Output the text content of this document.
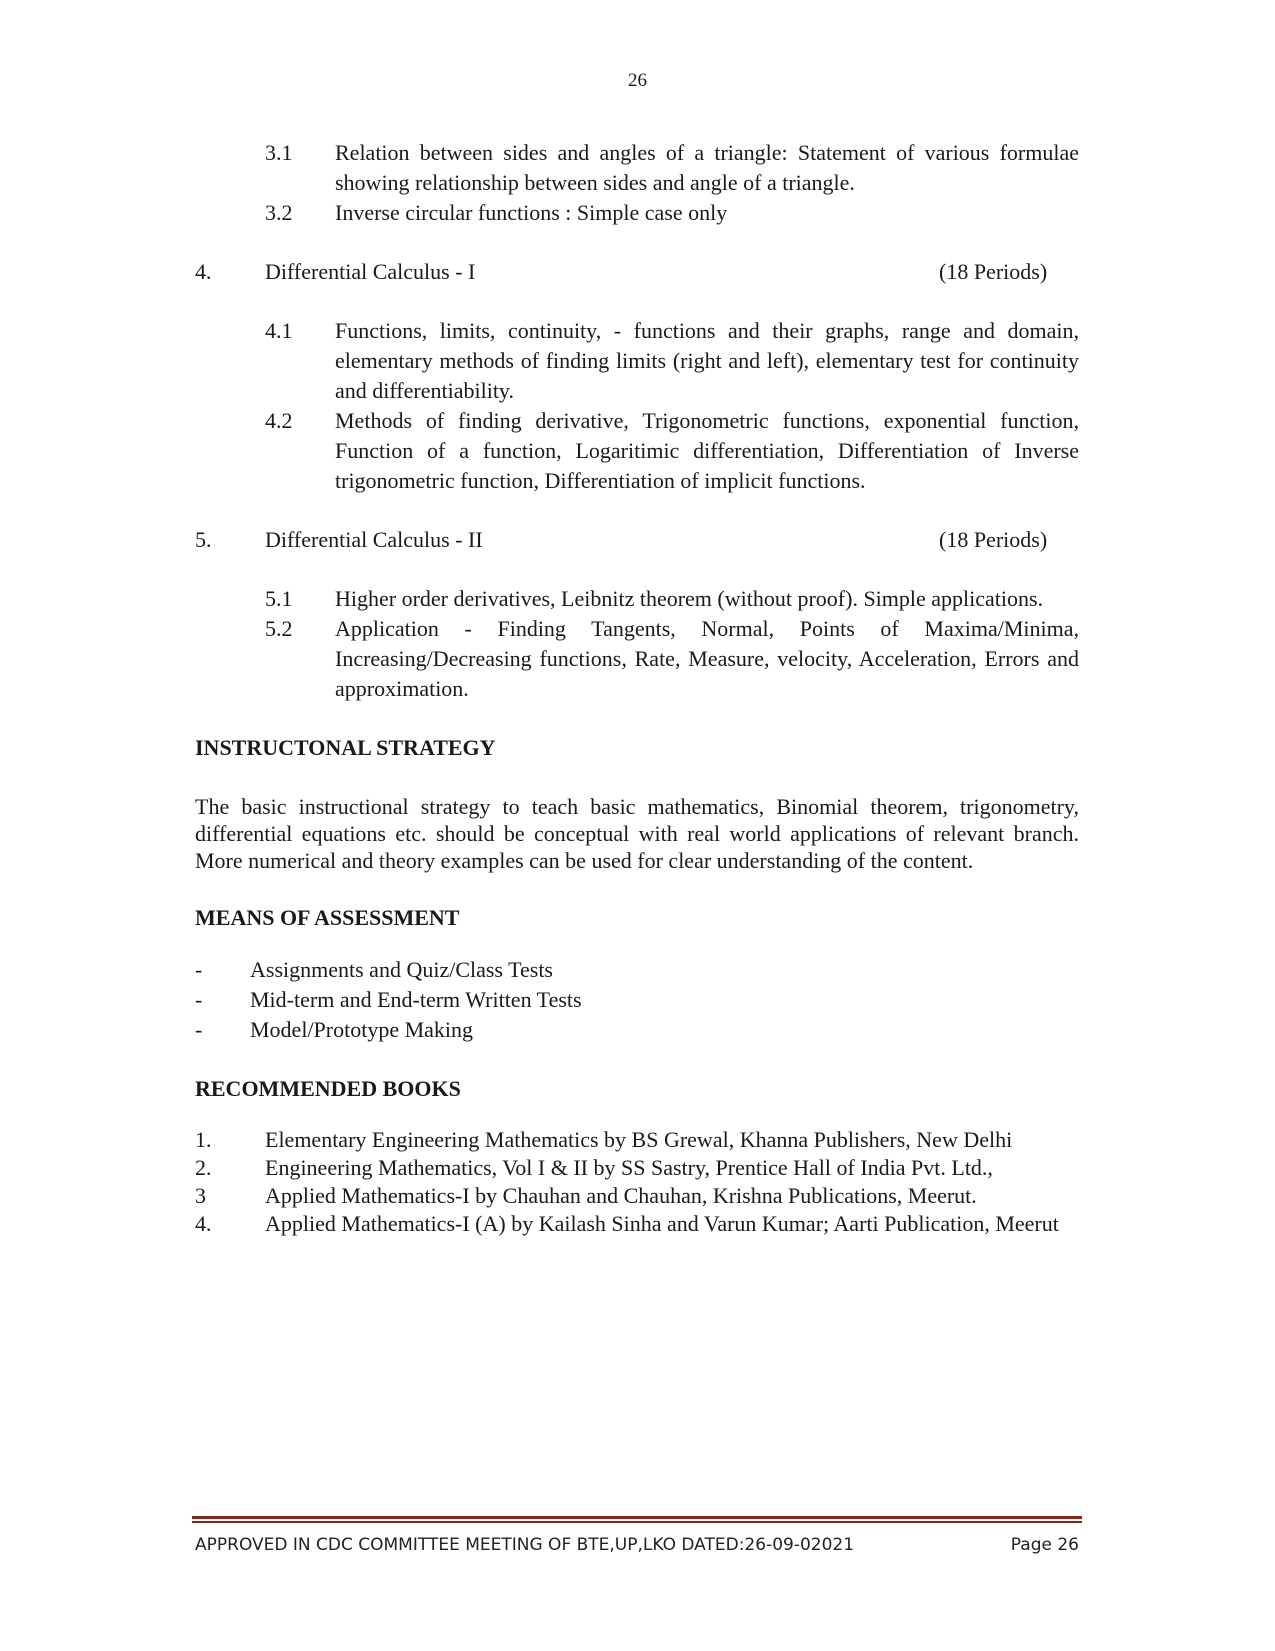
26
3.1	Relation between sides and angles of a triangle: Statement of various formulae showing relationship between sides and angle of a triangle.
3.2	Inverse circular functions : Simple case only
4.	Differential Calculus - I	(18 Periods)
4.1	Functions, limits, continuity, - functions and their graphs, range and domain, elementary methods of finding limits (right and left), elementary test for continuity and differentiability.
4.2	Methods of finding derivative, Trigonometric functions, exponential function, Function of a function, Logaritimic differentiation, Differentiation of Inverse trigonometric function, Differentiation of implicit functions.
5.	Differential Calculus - II	(18 Periods)
5.1	Higher order derivatives, Leibnitz theorem (without proof). Simple applications.
5.2	Application - Finding Tangents, Normal, Points of Maxima/Minima, Increasing/Decreasing functions, Rate, Measure, velocity, Acceleration, Errors and approximation.
INSTRUCTONAL STRATEGY
The basic instructional strategy to teach basic mathematics, Binomial theorem, trigonometry, differential equations etc. should be conceptual with real world applications of relevant branch. More numerical and theory examples can be used for clear understanding of the content.
MEANS OF ASSESSMENT
-	Assignments and Quiz/Class Tests
-	Mid-term and End-term Written Tests
-	Model/Prototype Making
RECOMMENDED BOOKS
1.	Elementary Engineering Mathematics by BS Grewal, Khanna Publishers, New Delhi
2.	Engineering Mathematics, Vol I & II by SS Sastry, Prentice Hall of India Pvt. Ltd.,
3	Applied Mathematics-I by Chauhan and Chauhan, Krishna Publications, Meerut.
4.	Applied Mathematics-I (A) by Kailash Sinha and Varun Kumar; Aarti Publication, Meerut
APPROVED IN CDC COMMITTEE MEETING OF BTE,UP,LKO DATED:26-09-02021	Page 26
